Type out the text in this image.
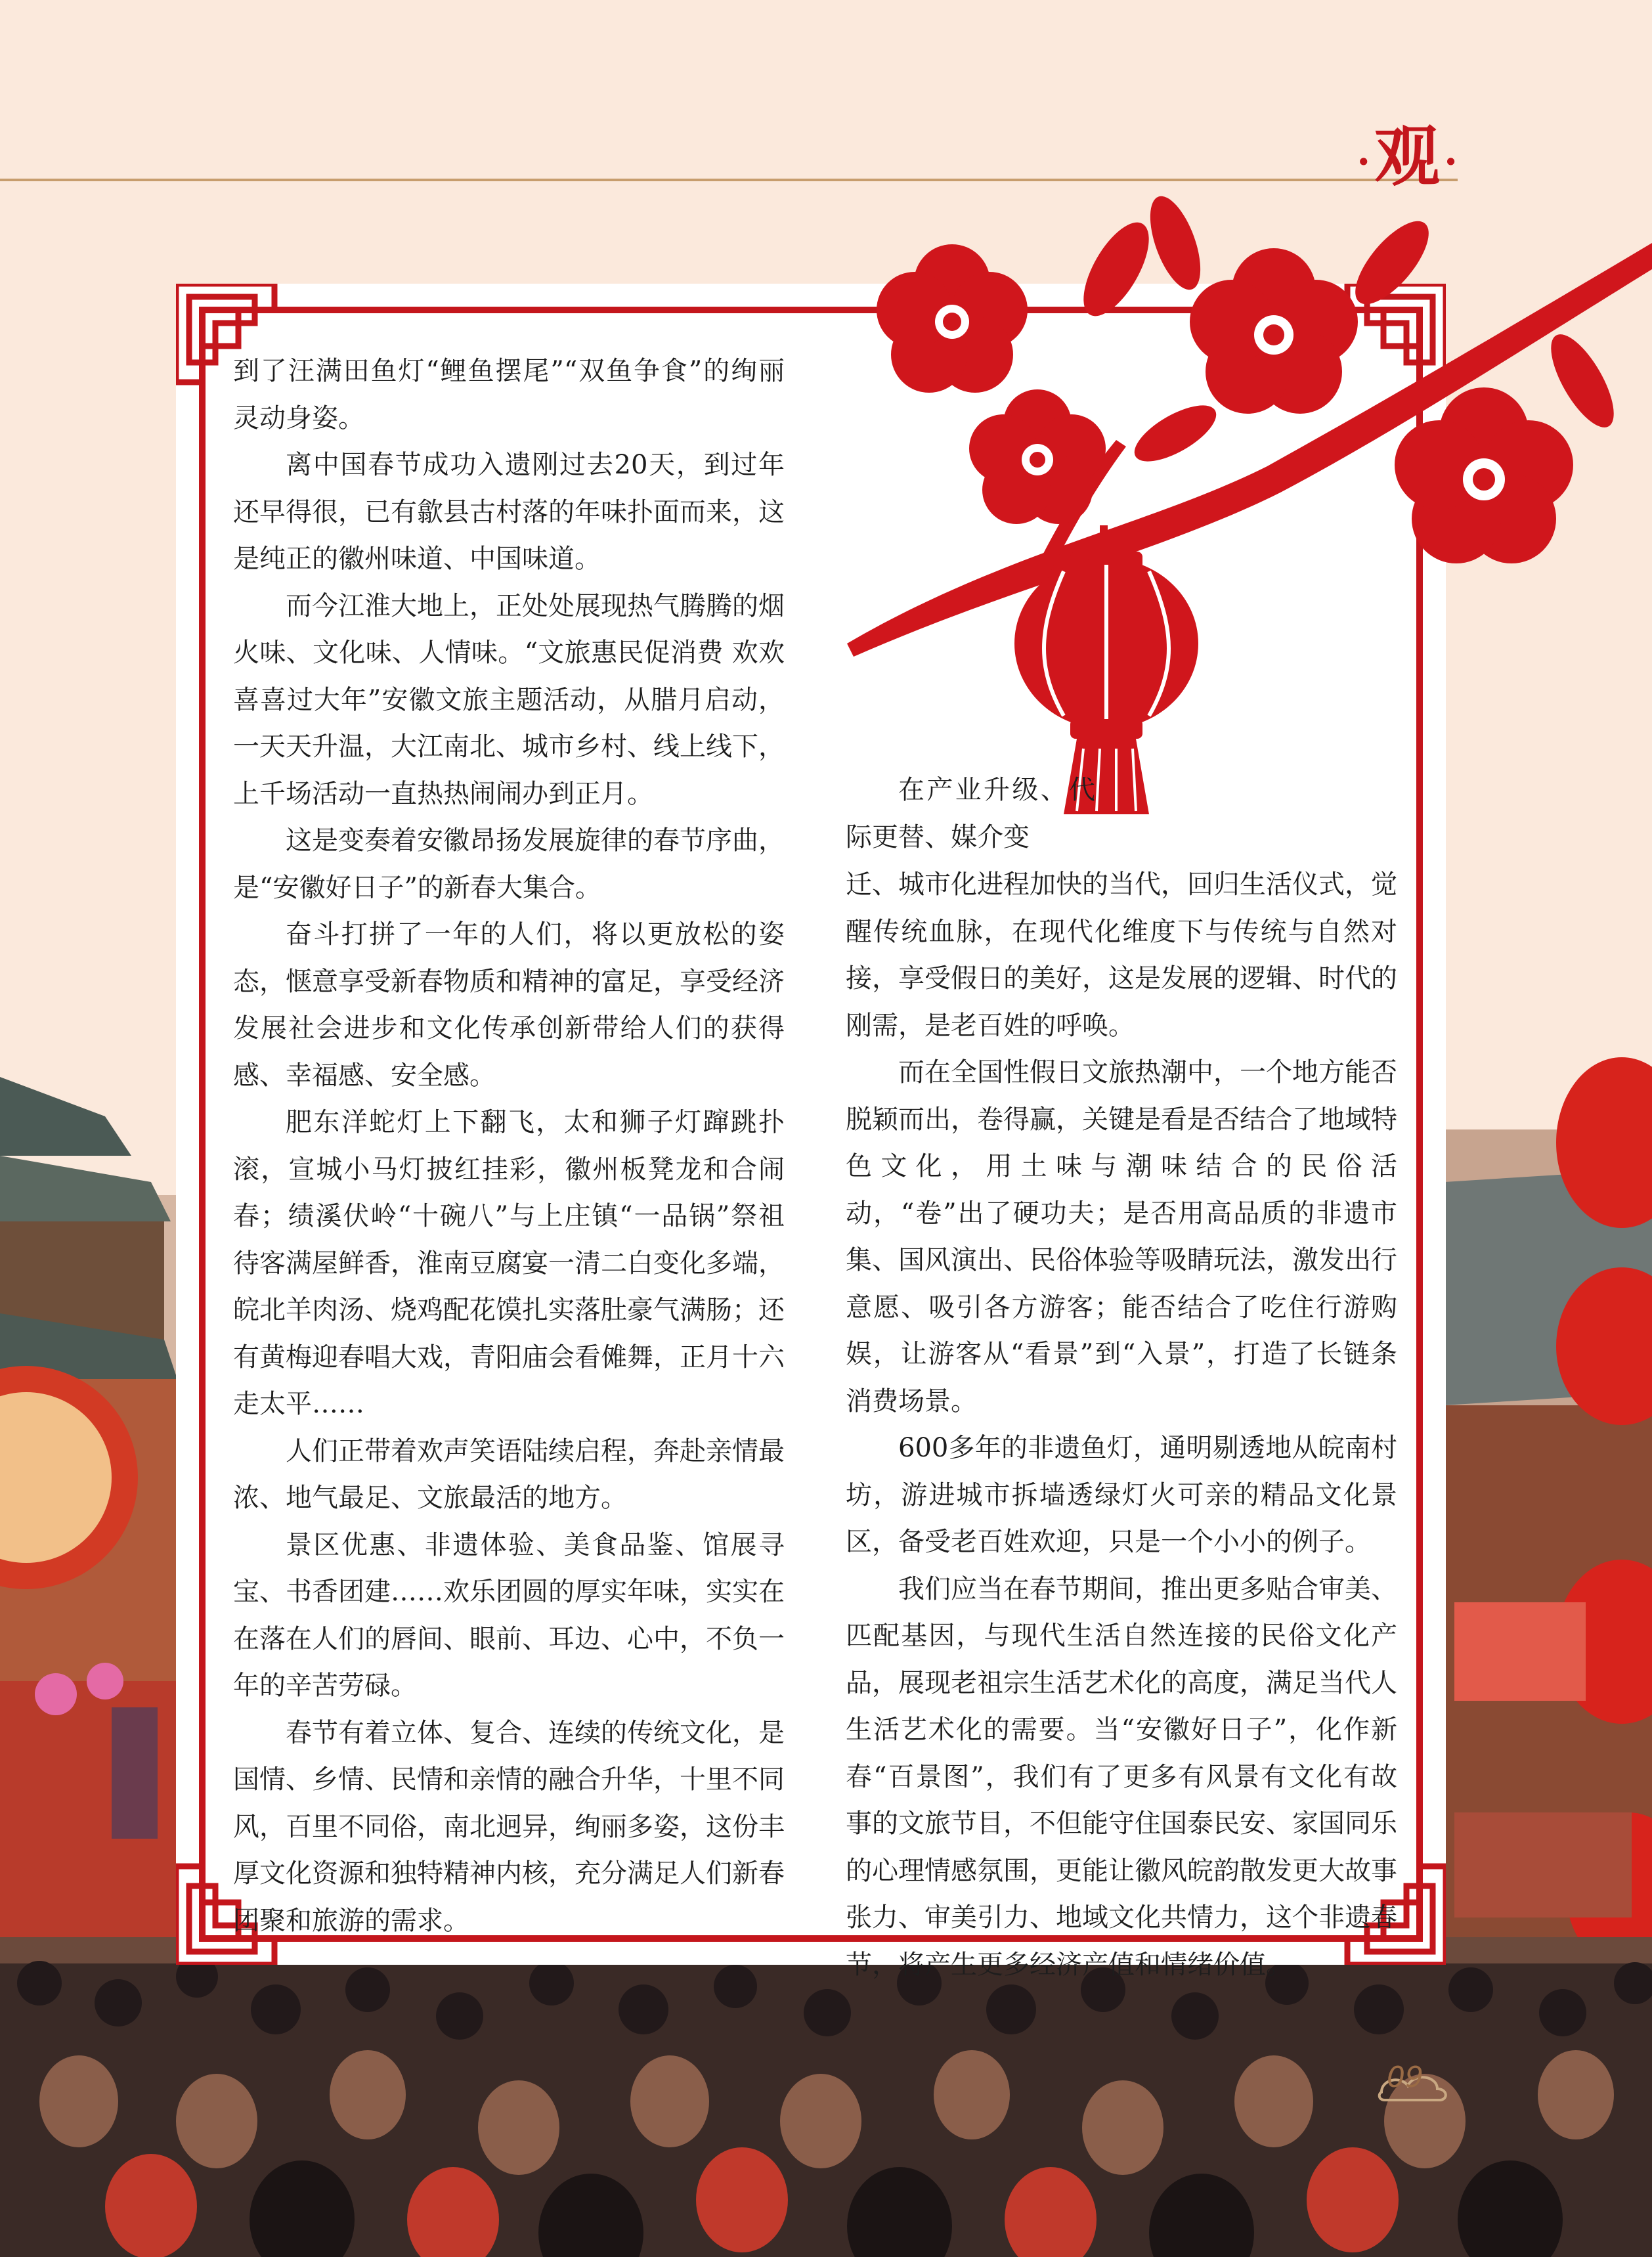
·观·

到了汪满田鱼灯“鲤鱼摆尾”“双鱼争食”的绚丽灵动身姿。

离中国春节成功入遗刚过去20天，到过年还早得很，已有歙县古村落的年味扑面而来，这是纯正的徽州味道、中国味道。

而今江淮大地上，正处处展现热气腾腾的烟火味、文化味、人情味。“文旅惠民促消费 欢欢喜喜过大年”安徽文旅主题活动，从腊月启动，一天天升温，大江南北、城市乡村、线上线下，上千场活动一直热热闹闹办到正月。

这是变奏着安徽昂扬发展旋律的春节序曲，是“安徽好日子”的新春大集合。

奋斗打拼了一年的人们，将以更放松的姿态，惬意享受新春物质和精神的富足，享受经济发展社会进步和文化传承创新带给人们的获得感、幸福感、安全感。

肥东洋蛇灯上下翻飞，太和狮子灯蹿跳扑滚，宣城小马灯披红挂彩，徽州板凳龙和合闹春；绩溪伏岭“十碗八”与上庄镇“一品锅”祭祖待客满屋鲜香，淮南豆腐宴一清二白变化多端，皖北羊肉汤、烧鸡配花馍扎实落肚豪气满肠；还有黄梅迎春唱大戏，青阳庙会看傩舞，正月十六走太平……

人们正带着欢声笑语陆续启程，奔赴亲情最浓、地气最足、文旅最活的地方。

景区优惠、非遗体验、美食品鉴、馆展寻宝、书香团建……欢乐团圆的厚实年味，实实在在落在人们的唇间、眼前、耳边、心中，不负一年的辛苦劳碌。

春节有着立体、复合、连续的传统文化，是国情、乡情、民情和亲情的融合升华，十里不同风，百里不同俗，南北迥异，绚丽多姿，这份丰厚文化资源和独特精神内核，充分满足人们新春团聚和旅游的需求。

在产业升级、代际更替、媒介变

迁、城市化进程加快的当代，回归生活仪式，觉醒传统血脉，在现代化维度下与传统与自然对接，享受假日的美好，这是发展的逻辑、时代的刚需，是老百姓的呼唤。

而在全国性假日文旅热潮中，一个地方能否脱颖而出，卷得赢，关键是看是否结合了地域特色文化，用土味与潮味结合的民俗活动，“卷”出了硬功夫；是否用高品质的非遗市集、国风演出、民俗体验等吸睛玩法，激发出行意愿、吸引各方游客；能否结合了吃住行游购娱，让游客从“看景”到“入景”，打造了长链条消费场景。

600多年的非遗鱼灯，通明剔透地从皖南村坊，游进城市拆墙透绿灯火可亲的精品文化景区，备受老百姓欢迎，只是一个小小的例子。

我们应当在春节期间，推出更多贴合审美、匹配基因，与现代生活自然连接的民俗文化产品，展现老祖宗生活艺术化的高度，满足当代人生活艺术化的需要。当“安徽好日子”，化作新春“百景图”，我们有了更多有风景有文化有故事的文旅节目，不但能守住国泰民安、家国同乐的心理情感氛围，更能让徽风皖韵散发更大故事张力、审美引力、地域文化共情力，这个非遗春节，将产生更多经济产值和情绪价值。

09
